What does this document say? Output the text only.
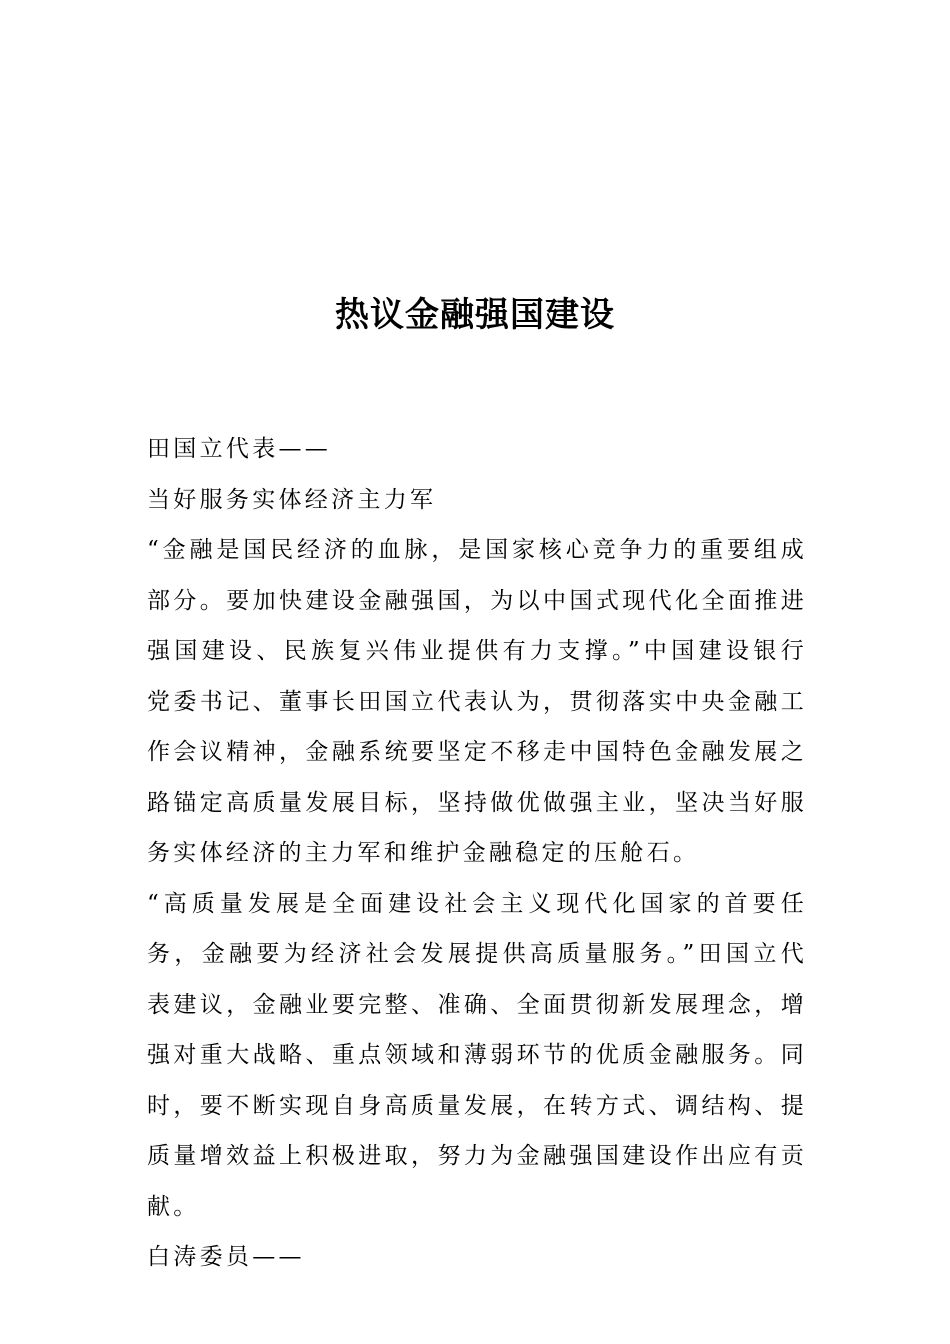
热议金融强国建设

田国立代表——

当好服务实体经济主力军

“金融是国民经济的血脉，是国家核心竞争力的重要组成部分。要加快建设金融强国，为以中国式现代化全面推进强国建设、民族复兴伟业提供有力支撑。”中国建设银行党委书记、董事长田国立代表认为，贯彻落实中央金融工作会议精神，金融系统要坚定不移走中国特色金融发展之路锚定高质量发展目标，坚持做优做强主业，坚决当好服务实体经济的主力军和维护金融稳定的压舱石。

“高质量发展是全面建设社会主义现代化国家的首要任务，金融要为经济社会发展提供高质量服务。”田国立代表建议，金融业要完整、准确、全面贯彻新发展理念，增强对重大战略、重点领域和薄弱环节的优质金融服务。同时，要不断实现自身高质量发展，在转方式、调结构、提质量增效益上积极进取，努力为金融强国建设作出应有贡献。

白涛委员——
